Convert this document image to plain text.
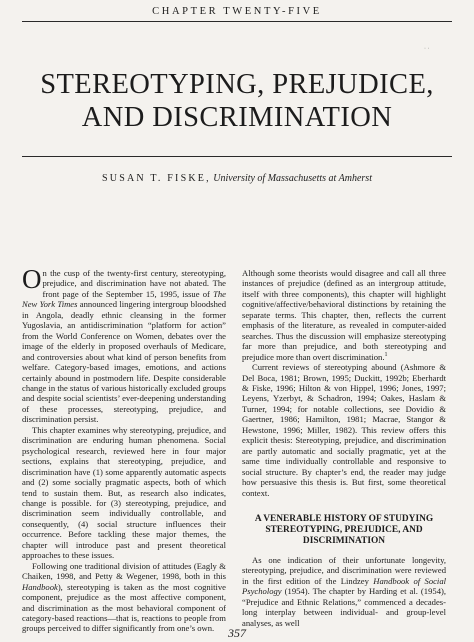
CHAPTER TWENTY-FIVE
· ·
STEREOTYPING, PREJUDICE,
AND DISCRIMINATION
SUSAN T. FISKE, University of Massachusetts at Amherst

On the cusp of the twenty-first century, stereotyping, prejudice, and discrimination have not abated. The front page of the September 15, 1995, issue of The New York Times announced lingering intergroup bloodshed in Angola, deadly ethnic cleansing in the former Yugoslavia, an antidiscrimination “platform for action” from the World Conference on Women, debates over the image of the elderly in proposed overhauls of Medicare, and controversies about what kind of person benefits from welfare. Category-based images, emotions, and actions certainly abound in postmodern life. Despite considerable change in the status of various historically excluded groups and despite social scientists’ ever-deepening understanding of these processes, stereotyping, prejudice, and discrimination persist.

This chapter examines why stereotyping, prejudice, and discrimination are enduring human phenomena. Social psychological research, reviewed here in four major sections, explains that stereotyping, prejudice, and discrimination have (1) some apparently automatic aspects and (2) some socially pragmatic aspects, both of which tend to sustain them. But, as research also indicates, change is possible. for (3) stereotyping, prejudice, and discrimination seem individually controllable, and consequently, (4) social structure influences their occurrence. Before tackling these major themes, the chapter will introduce past and present theoretical approaches to these issues.

Following one traditional division of attitudes (Eagly & Chaiken, 1998, and Petty & Wegener, 1998, both in this Handbook), stereotyping is taken as the most cognitive component, prejudice as the most affective component, and discrimination as the most behavioral component of category-based reactions—that is, reactions to people from groups perceived to differ significantly from one’s own.

Although some theorists would disagree and call all three instances of prejudice (defined as an intergroup attitude, itself with three components), this chapter will highlight cognitive/affective/behavioral distinctions by retaining the separate terms. This chapter, then, reflects the current emphasis of the literature, as revealed in computer-aided searches. Thus the discussion will emphasize stereotyping far more than prejudice, and both stereotyping and prejudice more than overt discrimination.$^1$

Current reviews of stereotyping abound (Ashmore & Del Boca, 1981; Brown, 1995; Duckitt, 1992b; Eberhardt & Fiske, 1996; Hilton & von Hippel, 1996; Jones, 1997; Leyens, Yzerbyt, & Schadron, 1994; Oakes, Haslam & Turner, 1994; for notable collections, see Dovidio & Gaertner, 1986; Hamilton, 1981; Macrae, Stangor & Hewstone, 1996; Miller, 1982). This review offers this explicit thesis: Stereotyping, prejudice, and discrimination are partly automatic and socially pragmatic, yet at the same time individually controllable and responsive to social structure. By chapter’s end, the reader may judge how persuasive this thesis is. But first, some theoretical context.

A VENERABLE HISTORY OF STUDYING STEREOTYPING, PREJUDICE, AND DISCRIMINATION

As one indication of their unfortunate longevity, stereotyping, prejudice, and discrimination were reviewed in the first edition of the Lindzey Handbook of Social Psychology (1954). The chapter by Harding et al. (1954), “Prejudice and Ethnic Relations,” commenced a decades-long interplay between individual- and group-level analyses, as well

357
